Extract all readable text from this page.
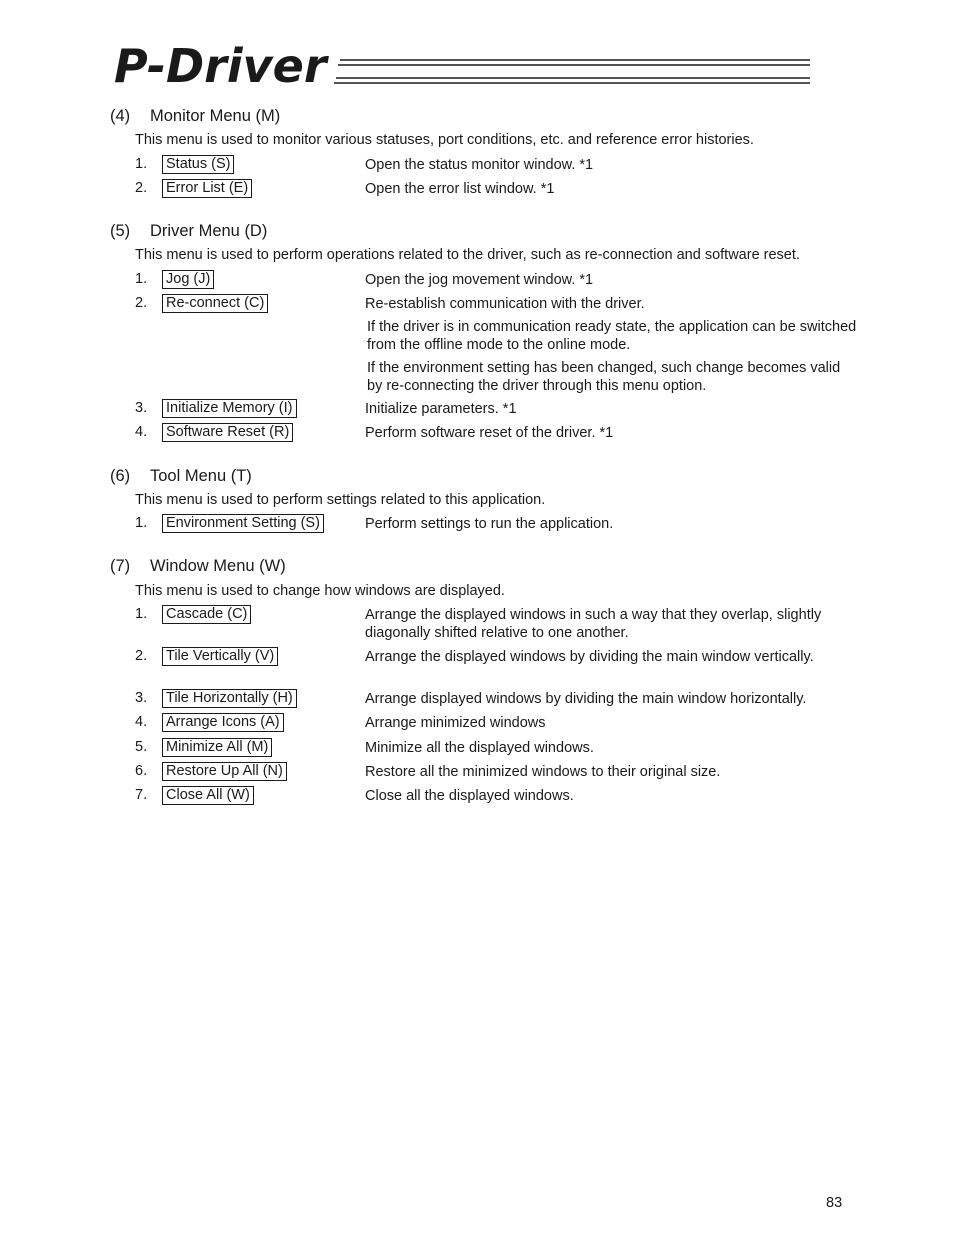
P-Driver
(4) Monitor Menu (M)
This menu is used to monitor various statuses, port conditions, etc. and reference error histories.
1. Status (S)	Open the status monitor window. *1
2. Error List (E)	Open the error list window. *1
(5) Driver Menu (D)
This menu is used to perform operations related to the driver, such as re-connection and software reset.
1. Jog (J)	Open the jog movement window. *1
2. Re-connect (C)	Re-establish communication with the driver.
If the driver is in communication ready state, the application can be switched from the offline mode to the online mode.
If the environment setting has been changed, such change becomes valid by re-connecting the driver through this menu option.
3. Initialize Memory (I)	Initialize parameters. *1
4. Software Reset (R)	Perform software reset of the driver. *1
(6) Tool Menu (T)
This menu is used to perform settings related to this application.
1. Environment Setting (S)	Perform settings to run the application.
(7) Window Menu (W)
This menu is used to change how windows are displayed.
1. Cascade (C)	Arrange the displayed windows in such a way that they overlap, slightly diagonally shifted relative to one another.
2. Tile Vertically (V)	Arrange the displayed windows by dividing the main window vertically.
3. Tile Horizontally (H)	Arrange displayed windows by dividing the main window horizontally.
4. Arrange Icons (A)	Arrange minimized windows
5. Minimize All (M)	Minimize all the displayed windows.
6. Restore Up All (N)	Restore all the minimized windows to their original size.
7. Close All (W)	Close all the displayed windows.
83
